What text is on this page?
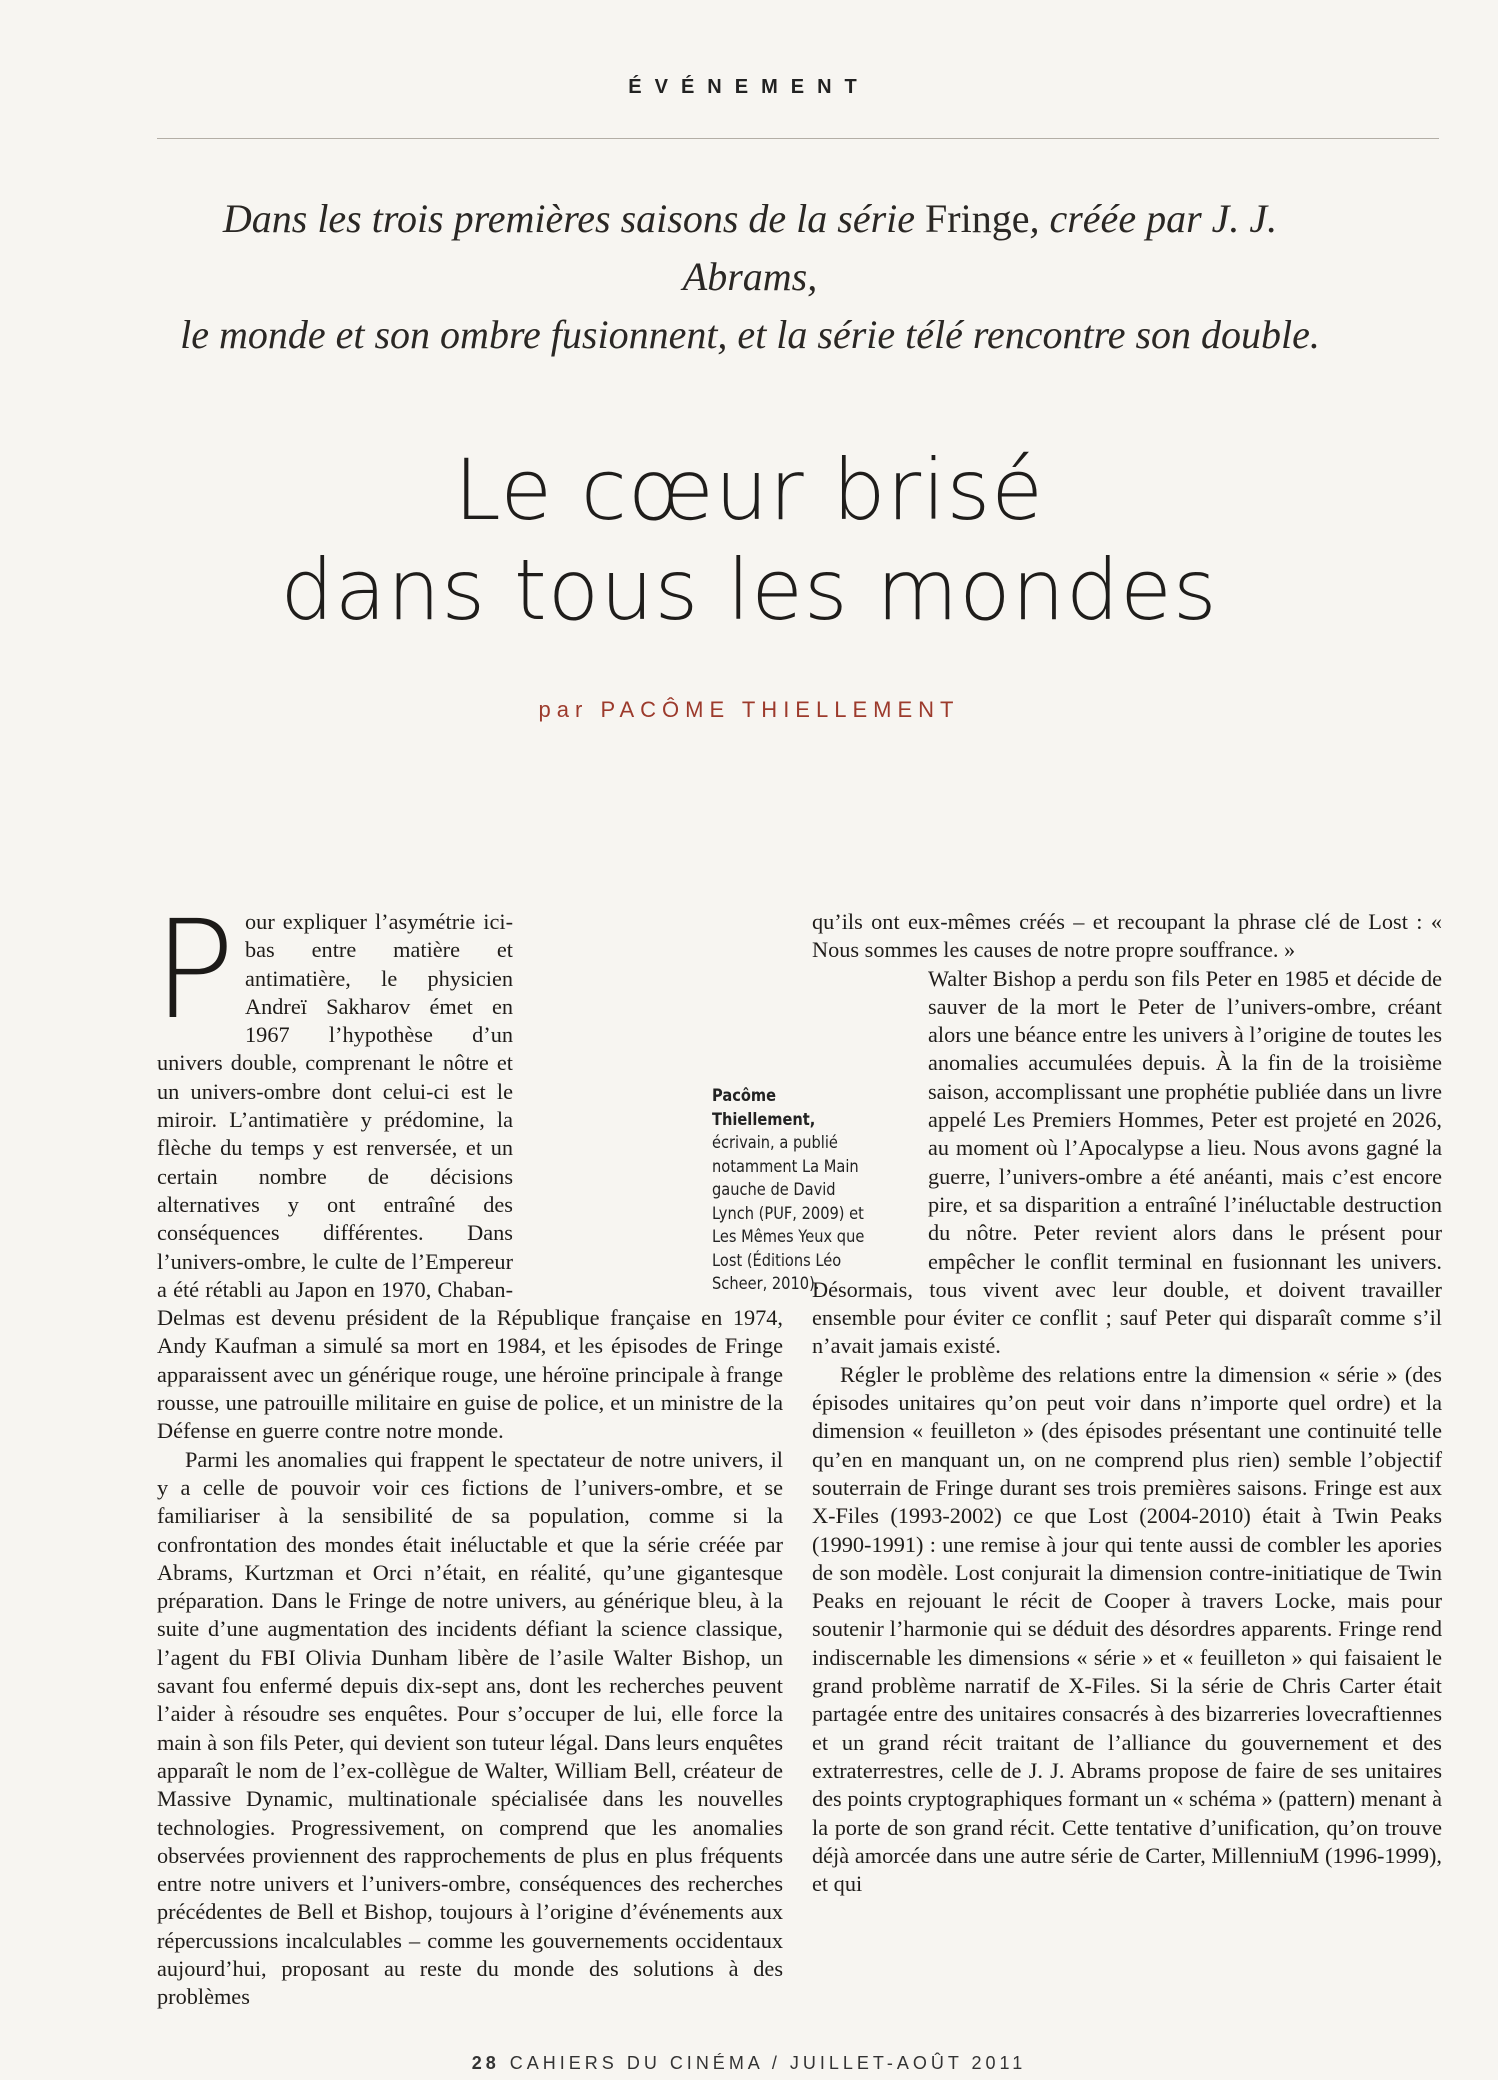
ÉVÉNEMENT
Dans les trois premières saisons de la série Fringe, créée par J. J. Abrams,
le monde et son ombre fusionnent, et la série télé rencontre son double.
Le cœur brisé
dans tous les mondes
par PACÔME THIELLEMENT
P our expliquer l’asymétrie ici-bas entre matière et antimatière, le physicien Andreï Sakharov émet en 1967 l’hypothèse d’un univers double, comprenant le nôtre et un univers-ombre dont celui-ci est le miroir. L’antimatière y prédomine, la flèche du temps y est renversée, et un certain nombre de décisions alternatives y ont entraîné des conséquences différentes. Dans l’univers-ombre, le culte de l’Empereur a été rétabli au Japon en 1970, Chaban-Delmas est devenu président de la République française en 1974, Andy Kaufman a simulé sa mort en 1984, et les épisodes de Fringe apparaissent avec un générique rouge, une héroïne principale à frange rousse, une patrouille militaire en guise de police, et un ministre de la Défense en guerre contre notre monde.

Parmi les anomalies qui frappent le spectateur de notre univers, il y a celle de pouvoir voir ces fictions de l’univers-ombre, et se familiariser à la sensibilité de sa population, comme si la confrontation des mondes était inéluctable et que la série créée par Abrams, Kurtzman et Orci n’était, en réalité, qu’une gigantesque préparation. Dans le Fringe de notre univers, au générique bleu, à la suite d’une augmentation des incidents défiant la science classique, l’agent du FBI Olivia Dunham libère de l’asile Walter Bishop, un savant fou enfermé depuis dix-sept ans, dont les recherches peuvent l’aider à résoudre ses enquêtes. Pour s’occuper de lui, elle force la main à son fils Peter, qui devient son tuteur légal. Dans leurs enquêtes apparaît le nom de l’ex-collègue de Walter, William Bell, créateur de Massive Dynamic, multinationale spécialisée dans les nouvelles technologies. Progressivement, on comprend que les anomalies observées proviennent des rapprochements de plus en plus fréquents entre notre univers et l’univers-ombre, conséquences des recherches précédentes de Bell et Bishop, toujours à l’origine d’événements aux répercussions incalculables – comme les gouvernements occidentaux aujourd’hui, proposant au reste du monde des solutions à des problèmes

qu’ils ont eux-mêmes créés – et recoupant la phrase clé de Lost : « Nous sommes les causes de notre propre souffrance. »

Walter Bishop a perdu son fils Peter en 1985 et décide de sauver de la mort le Peter de l’univers-ombre, créant alors une béance entre les univers à l’origine de toutes les anomalies accumulées depuis. À la fin de la troisième saison, accomplissant une prophétie publiée dans un livre appelé Les Premiers Hommes, Peter est projeté en 2026, au moment où l’Apocalypse a lieu. Nous avons gagné la guerre, l’univers-ombre a été anéanti, mais c’est encore pire, et sa disparition a entraîné l’inéluctable destruction du nôtre. Peter revient alors dans le présent pour empêcher le conflit terminal en fusionnant les univers. Désormais, tous vivent avec leur double, et doivent travailler ensemble pour éviter ce conflit ; sauf Peter qui disparaît comme s’il n’avait jamais existé.

Régler le problème des relations entre la dimension « série » (des épisodes unitaires qu’on peut voir dans n’importe quel ordre) et la dimension « feuilleton » (des épisodes présentant une continuité telle qu’en en manquant un, on ne comprend plus rien) semble l’objectif souterrain de Fringe durant ses trois premières saisons. Fringe est aux X-Files (1993-2002) ce que Lost (2004-2010) était à Twin Peaks (1990-1991) : une remise à jour qui tente aussi de combler les apories de son modèle. Lost conjurait la dimension contre-initiatique de Twin Peaks en rejouant le récit de Cooper à travers Locke, mais pour soutenir l’harmonie qui se déduit des désordres apparents. Fringe rend indiscernable les dimensions « série » et « feuilleton » qui faisaient le grand problème narratif de X-Files. Si la série de Chris Carter était partagée entre des unitaires consacrés à des bizarreries lovecraftiennes et un grand récit traitant de l’alliance du gouvernement et des extraterrestres, celle de J. J. Abrams propose de faire de ses unitaires des points cryptographiques formant un « schéma » (pattern) menant à la porte de son grand récit. Cette tentative d’unification, qu’on trouve déjà amorcée dans une autre série de Carter, MillenniuM (1996-1999), et qui

Pacôme Thiellement, écrivain, a publié notamment La Main gauche de David Lynch (PUF, 2009) et Les Mêmes Yeux que Lost (Éditions Léo Scheer, 2010).
28 CAHIERS DU CINÉMA / JUILLET-AOÛT 2011
